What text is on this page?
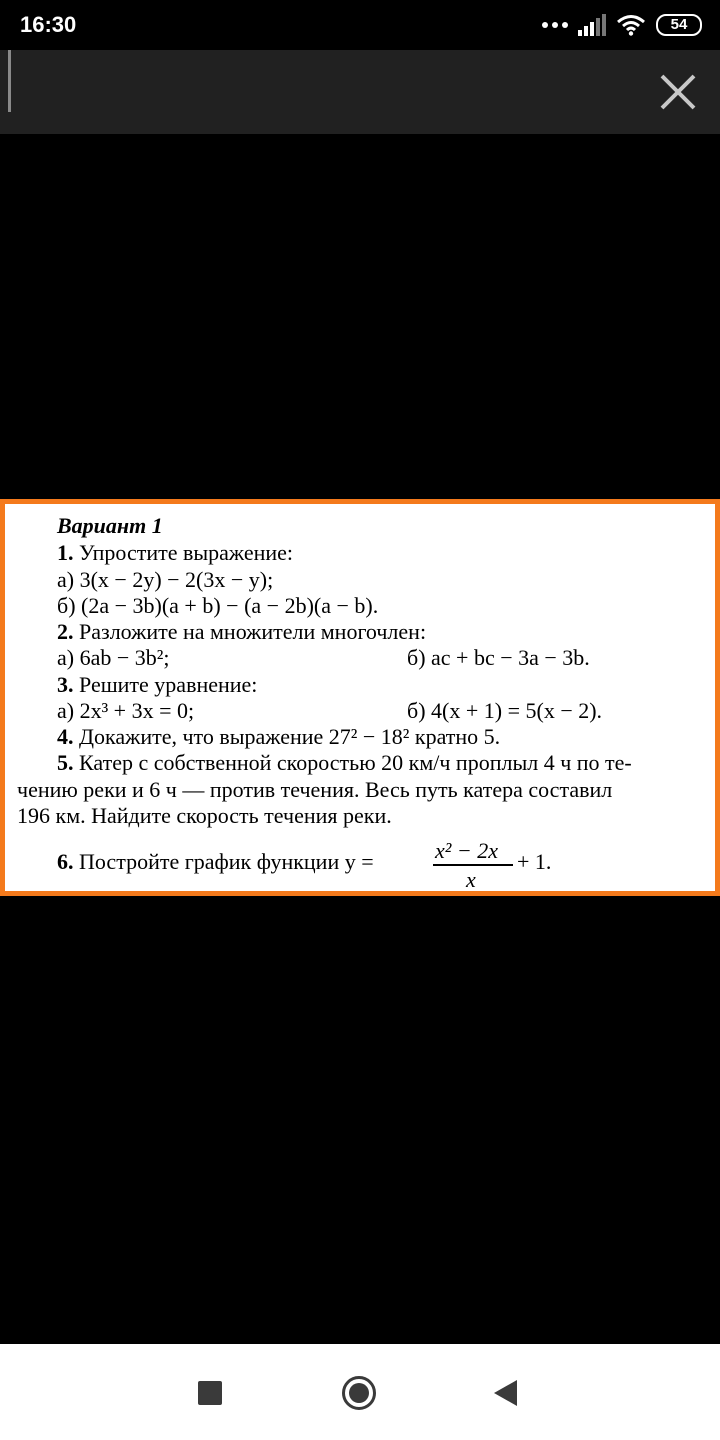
16:30	54
Вариант 1
1. Упростите выражение:
а) 3(x − 2y) − 2(3x − y);
б) (2a − 3b)(a + b) − (a − 2b)(a − b).
2. Разложите на множители многочлен:
а) 6ab − 3b²;	б) ac + bc − 3a − 3b.
3. Решите уравнение:
а) 2x³ + 3x = 0;	б) 4(x + 1) = 5(x − 2).
4. Докажите, что выражение 27² − 18² кратно 5.
5. Катер с собственной скоростью 20 км/ч проплыл 4 ч по те-
чению реки и 6 ч — против течения. Весь путь катера составил
196 км. Найдите скорость течения реки.
6. Постройте график функции y =	x² − 2x
x
+ 1.
